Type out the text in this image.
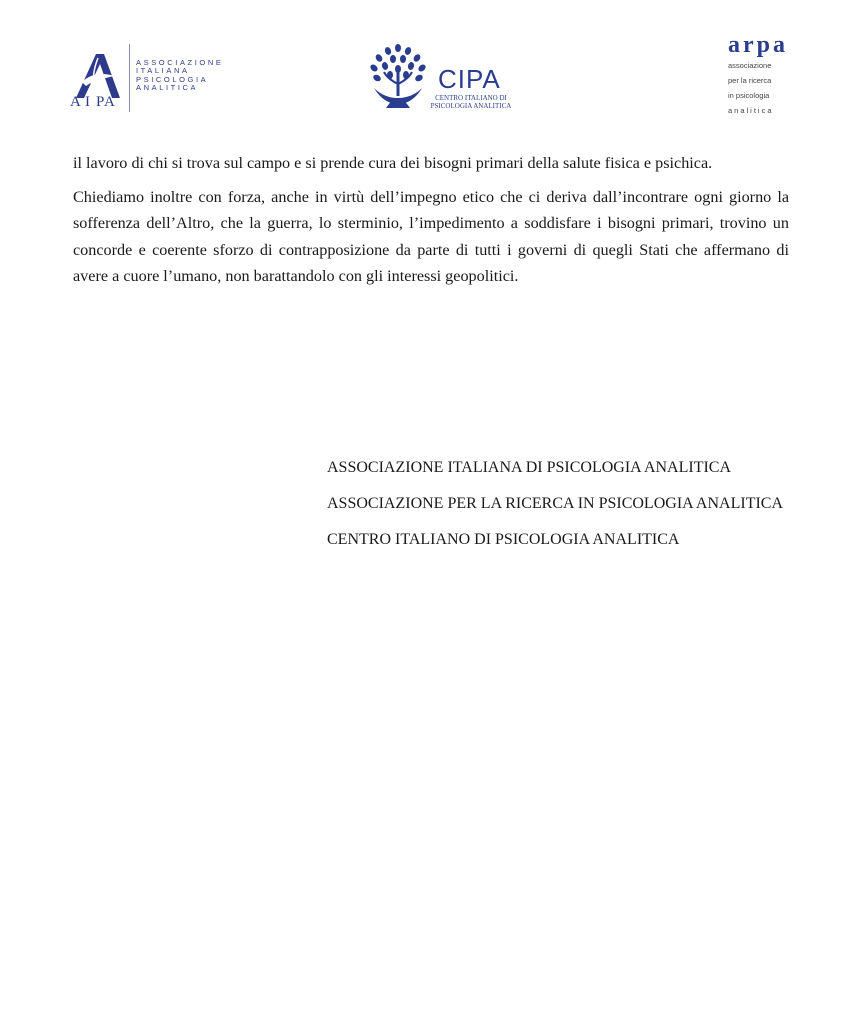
A I PA
ASSOCIAZIONE
ITALIANA
PSICOLOGIA
ANALITICA	CIPA
CENTRO ITALIANO DI
PSICOLOGIA ANALITICA
arpa
associazione
per la ricerca
in psicologia
analitica

il lavoro di chi si trova sul campo e si prende cura dei bisogni primari della salute fisica e psichica.

Chiediamo inoltre con forza, anche in virtù dell’impegno etico che ci deriva dall’incontrare ogni giorno la sofferenza dell’Altro, che la guerra, lo sterminio, l’impedimento a soddisfare i bisogni primari, trovino un concorde e coerente sforzo di contrapposizione da parte di tutti i governi di quegli Stati che affermano di avere a cuore l’umano, non barattandolo con gli interessi geopolitici.

ASSOCIAZIONE ITALIANA DI PSICOLOGIA ANALITICA
ASSOCIAZIONE PER LA RICERCA IN PSICOLOGIA ANALITICA
CENTRO ITALIANO DI PSICOLOGIA ANALITICA
